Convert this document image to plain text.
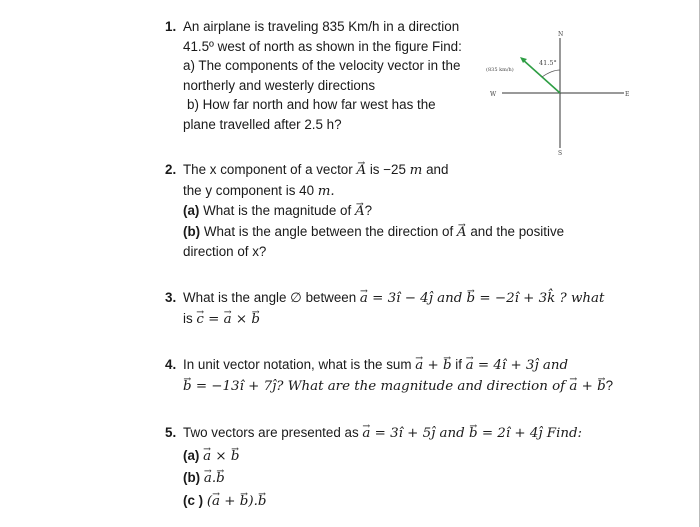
1. An airplane is traveling 835 Km/h in a direction
41.5º west of north as shown in the figure Find:
a) The components of the velocity vector in the
northerly and westerly directions
b) How far north and how far west has the
plane travelled after 2.5 h?
N
S
E
W
41.5°
(835 km/h)
2. The x component of a vector → A is −25 m and
the y component is 40 m.
(a) What is the magnitude of → A?
(b) What is the angle between the direction of → A and the positive
direction of x?
3. What is the angle ∅ between → a = 3î − 4ĵ and → b = −2î + 3k̂ ? what
is → c = → a × → b
4. In unit vector notation, what is the sum → a + → b if → a = 4î + 3ĵ and
→ b = −13î + 7ĵ? What are the magnitude and direction of → a + → b?
5. Two vectors are presented as → a = 3î + 5ĵ and → b = 2î + 4ĵ Find:
(a) → a × → b
(b) → a.→ b
(c ) (→ a + → b).→ b
